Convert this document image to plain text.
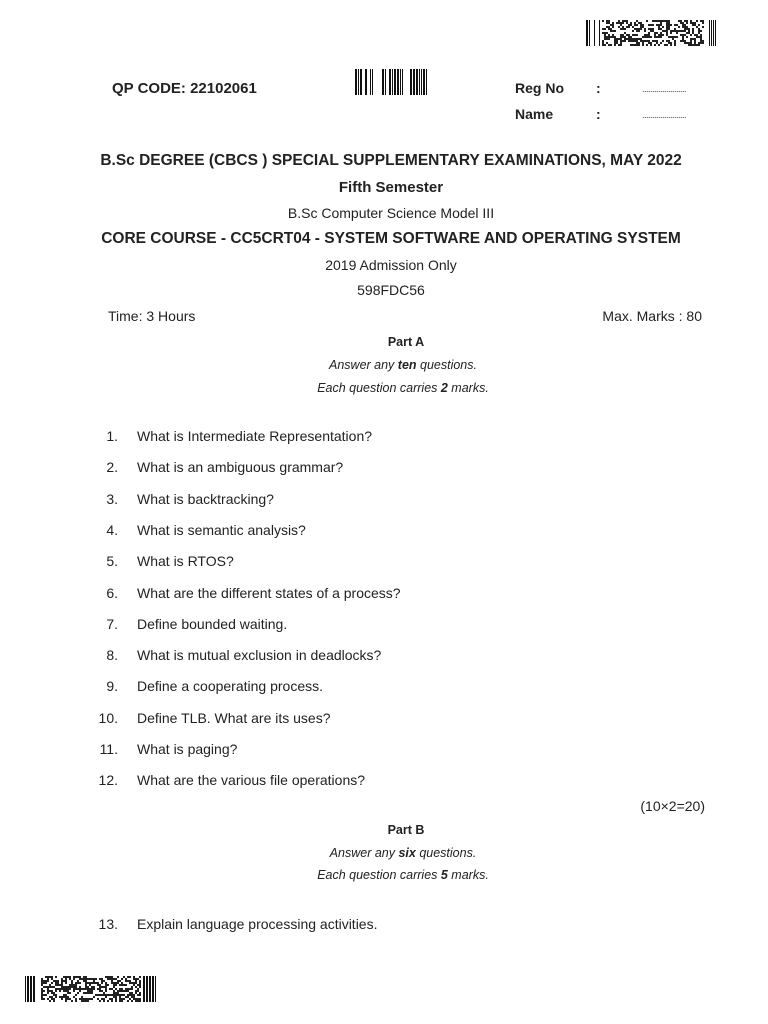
QP CODE: 22102061	Reg No :	......................
Name	:	......................
B.Sc DEGREE (CBCS ) SPECIAL SUPPLEMENTARY EXAMINATIONS, MAY 2022
Fifth Semester
B.Sc Computer Science Model III
CORE COURSE - CC5CRT04 - SYSTEM SOFTWARE AND OPERATING SYSTEM
2019 Admission Only
598FDC56
Time: 3 Hours	Max. Marks : 80
Part A
Answer any ten questions.
Each question carries 2 marks.
1. What is Intermediate Representation?
2. What is an ambiguous grammar?
3. What is backtracking?
4. What is semantic analysis?
5. What is RTOS?
6. What are the different states of a process?
7. Define bounded waiting.
8. What is mutual exclusion in deadlocks?
9. Define a cooperating process.
10. Define TLB. What are its uses?
11. What is paging?
12. What are the various file operations?
(10×2=20)
Part B
Answer any six questions.
Each question carries 5 marks.
13. Explain language processing activities.
